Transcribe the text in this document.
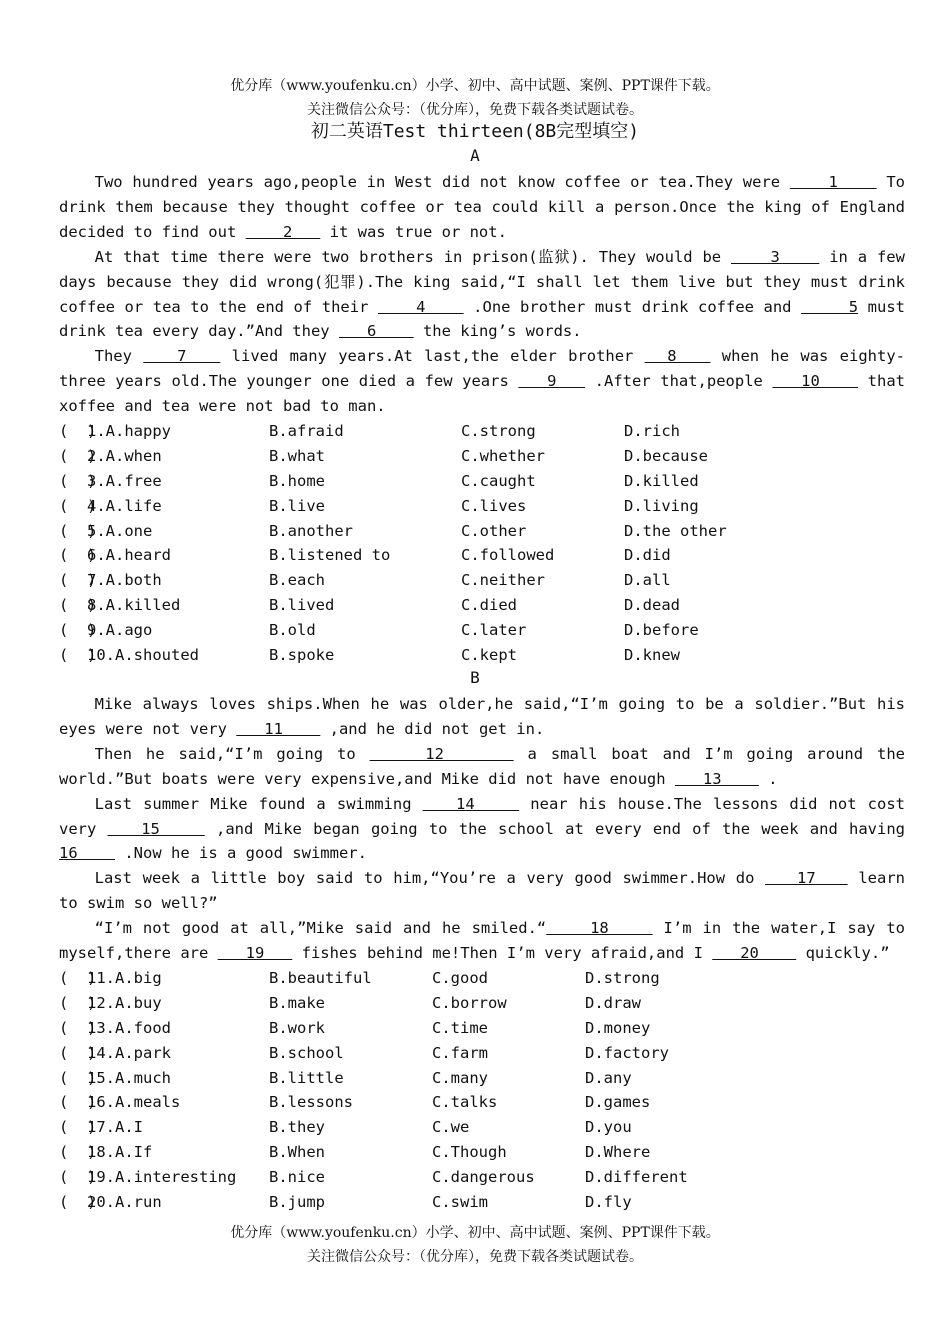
优分库（www.youfenku.cn）小学、初中、高中试题、案例、PPT课件下载。
关注微信公众号：（优分库），免费下载各类试题试卷。
初二英语Test thirteen(8B完型填空)
A

Two hundred years ago,people in West did not know coffee or tea.They were     1     To drink them because they thought coffee or tea could kill a person.Once the king of England decided to find out     2    it was true or not.

At that time there were two brothers in prison(监狱). They would be     3     in a few days because they did wrong(犯罪).The king said,“I shall let them live but they must drink coffee or tea to the end of their     4     .One brother must drink coffee and      5 must drink tea every day.”And they    6     the king’s words.

They    7    lived many years.At last,the elder brother   8    when he was eighty-three years old.The younger one died a few years    9    .After that,people    10     that xoffee and tea were not bad to man.

(  )
1.A.happy	B.afraid	C.strong	D.rich
(  )
2.A.when	B.what	C.whether	D.because
(  )
3.A.free	B.home	C.caught	D.killed
(  )
4.A.life	B.live	C.lives	D.living
(  )
5.A.one	B.another	C.other	D.the other
(  )
6.A.heard	B.listened to	C.followed	D.did
(  )
7.A.both	B.each	C.neither	D.all
(  )
8.A.killed	B.lived	C.died	D.dead
(  )
9.A.ago	B.old	C.later	D.before
(  )
10.A.shouted	B.spoke	C.kept	D.knew
B

Mike always loves ships.When he was older,he said,“I’m going to be a soldier.”But his eyes were not very    11     ,and he did not get in.

Then he said,“I’m going to     12      a small boat and I’m going around the world.”But boats were very expensive,and Mike did not have enough    13     .

Last summer Mike found a swimming    14     near his house.The lessons did not cost very    15     ,and Mike began going to the school at every end of the week and having 16     .Now he is a good swimmer.

Last week a little boy said to him,“You’re a very good swimmer.How do    17    learn to swim so well?”

“I’m not good at all,”Mike said and he smiled.“    18     I’m in the water,I say to myself,there are    19    fishes behind me!Then I’m very afraid,and I    20     quickly.”

(  )
11.A.big	B.beautiful	C.good	D.strong
(  )
12.A.buy	B.make	C.borrow	D.draw
(  )
13.A.food	B.work	C.time	D.money
(  )
14.A.park	B.school	C.farm	D.factory
(  )
15.A.much	B.little	C.many	D.any
(  )
16.A.meals	B.lessons	C.talks	D.games
(  )
17.A.I	B.they	C.we	D.you
(  )
18.A.If	B.When	C.Though	D.Where
(  )
19.A.interesting B.nice	C.dangerous	D.different
(  )
20.A.run	B.jump	C.swim	D.fly
优分库（www.youfenku.cn）小学、初中、高中试题、案例、PPT课件下载。
关注微信公众号：（优分库），免费下载各类试题试卷。
